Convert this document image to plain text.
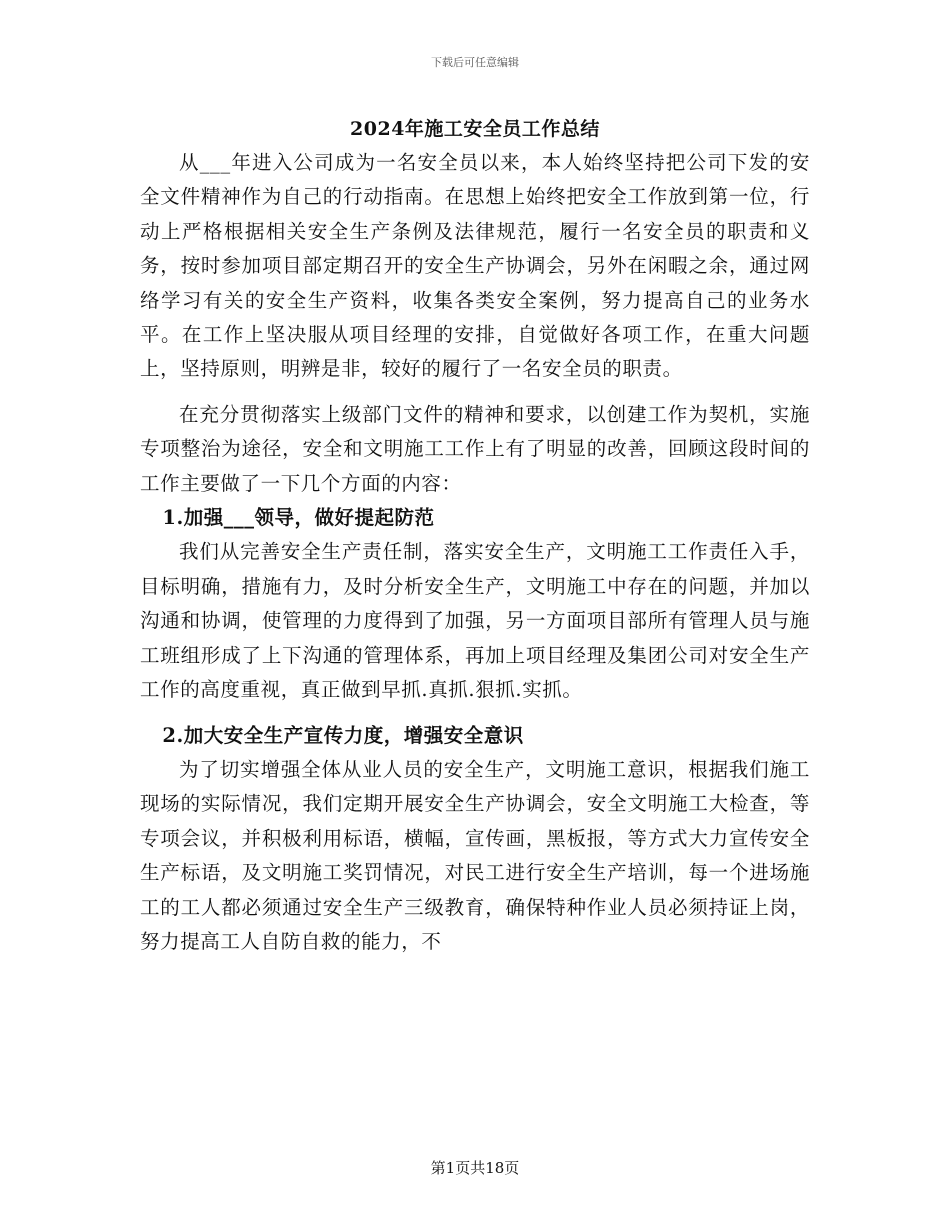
下载后可任意编辑
2024年施工安全员工作总结

从___年进入公司成为一名安全员以来，本人始终坚持把公司下发的安全文件精神作为自己的行动指南。在思想上始终把安全工作放到第一位，行动上严格根据相关安全生产条例及法律规范，履行一名安全员的职责和义务，按时参加项目部定期召开的安全生产协调会，另外在闲暇之余，通过网络学习有关的安全生产资料，收集各类安全案例，努力提高自己的业务水平。在工作上坚决服从项目经理的安排，自觉做好各项工作，在重大问题上，坚持原则，明辨是非，较好的履行了一名安全员的职责。

在充分贯彻落实上级部门文件的精神和要求，以创建工作为契机，实施专项整治为途径，安全和文明施工工作上有了明显的改善，回顾这段时间的工作主要做了一下几个方面的内容：

1.加强___领导，做好提起防范

我们从完善安全生产责任制，落实安全生产，文明施工工作责任入手，目标明确，措施有力，及时分析安全生产，文明施工中存在的问题，并加以沟通和协调，使管理的力度得到了加强，另一方面项目部所有管理人员与施工班组形成了上下沟通的管理体系，再加上项目经理及集团公司对安全生产工作的高度重视，真正做到早抓.真抓.狠抓.实抓。

2.加大安全生产宣传力度，增强安全意识

为了切实增强全体从业人员的安全生产，文明施工意识，根据我们施工现场的实际情况，我们定期开展安全生产协调会，安全文明施工大检查，等专项会议，并积极利用标语，横幅，宣传画，黑板报，等方式大力宣传安全生产标语，及文明施工奖罚情况，对民工进行安全生产培训，每一个进场施工的工人都必须通过安全生产三级教育，确保特种作业人员必须持证上岗，努力提高工人自防自救的能力，不

第1页共18页
